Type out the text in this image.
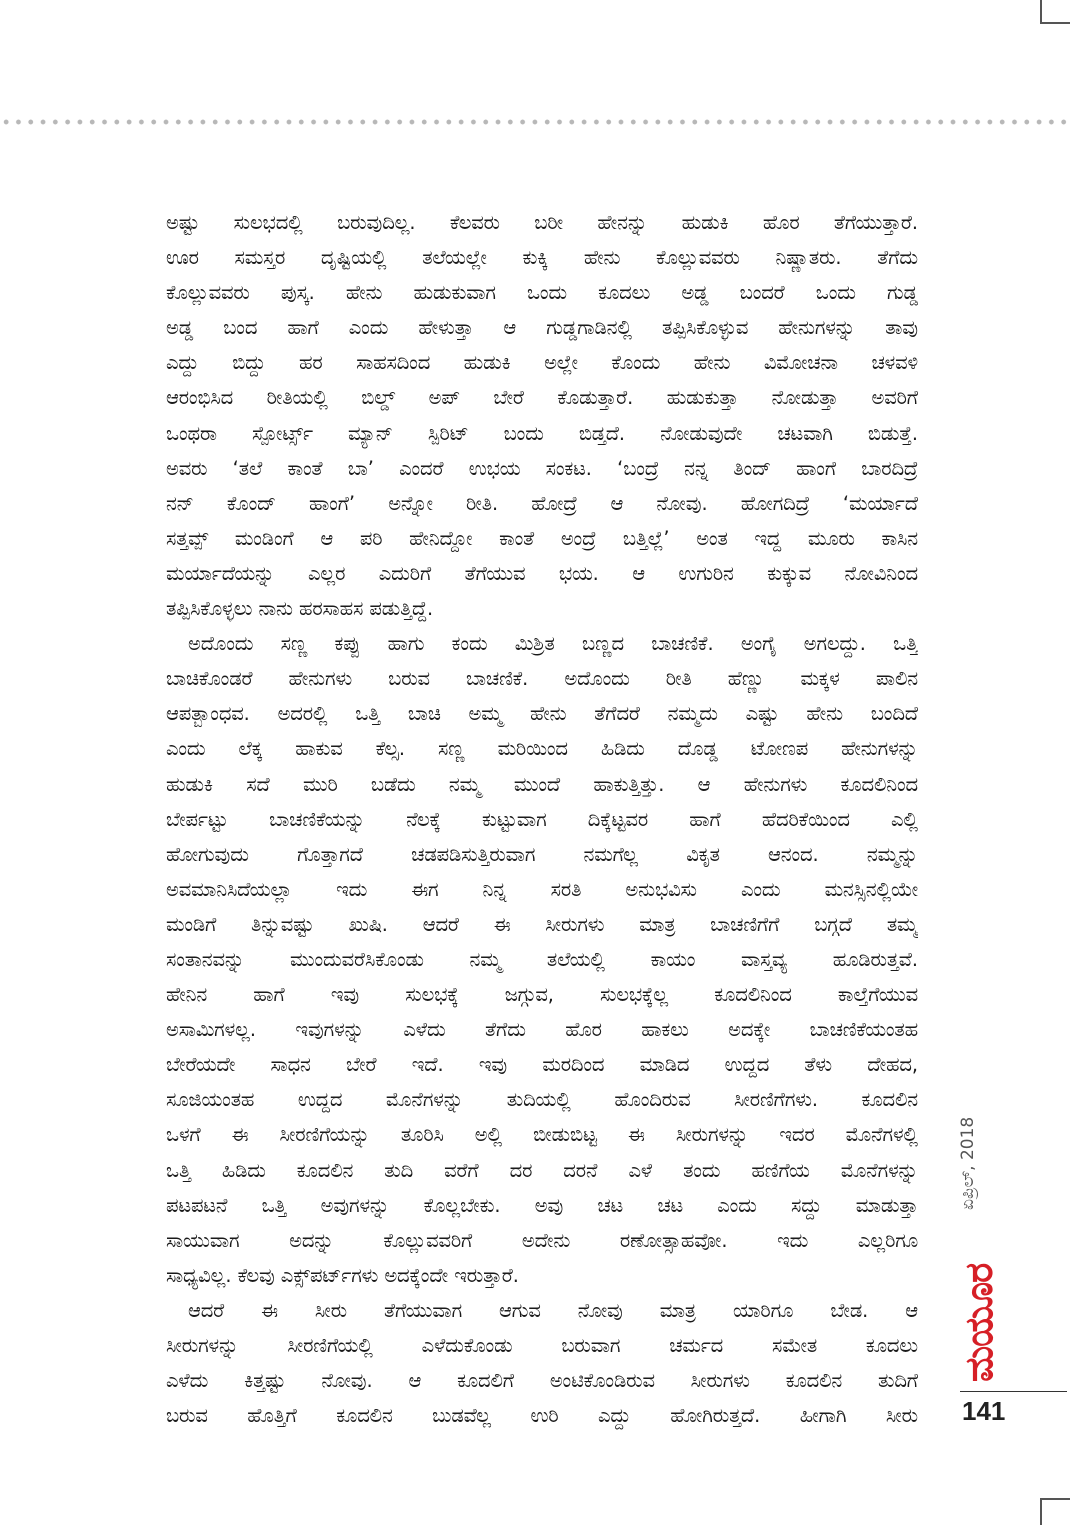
ಅಷ್ಟು ಸುಲಭದಲ್ಲಿ ಬರುವುದಿಲ್ಲ. ಕೆಲವರು ಬರೀ ಹೇನನ್ನು ಹುಡುಕಿ ಹೊರ ತೆಗೆಯುತ್ತಾರೆ.
ಊರ ಸಮಸ್ತರ ದೃಷ್ಟಿಯಲ್ಲಿ ತಲೆಯಲ್ಲೇ ಕುಕ್ಕಿ ಹೇನು ಕೊಲ್ಲುವವರು ನಿಷ್ಣಾತರು. ತೆಗೆದು
ಕೊಲ್ಲುವವರು ಪುಸ್ಕ. ಹೇನು ಹುಡುಕುವಾಗ ಒಂದು ಕೂದಲು ಅಡ್ಡ ಬಂದರೆ ಒಂದು ಗುಡ್ಡ
ಅಡ್ಡ ಬಂದ ಹಾಗೆ ಎಂದು ಹೇಳುತ್ತಾ ಆ ಗುಡ್ಡಗಾಡಿನಲ್ಲಿ ತಪ್ಪಿಸಿಕೊಳ್ಳುವ ಹೇನುಗಳನ್ನು ತಾವು
ಎದ್ದು ಬಿದ್ದು ಹರ ಸಾಹಸದಿಂದ ಹುಡುಕಿ ಅಲ್ಲೇ ಕೊಂದು ಹೇನು ವಿಮೋಚನಾ ಚಳವಳಿ
ಆರಂಭಿಸಿದ ರೀತಿಯಲ್ಲಿ ಬಿಲ್ಡ್ ಅಪ್ ಬೇರೆ ಕೊಡುತ್ತಾರೆ. ಹುಡುಕುತ್ತಾ ನೋಡುತ್ತಾ ಅವರಿಗೆ
ಒಂಥರಾ ಸ್ಪೋರ್ಟ್ಸ್ ಮ್ಯಾನ್ ಸ್ಪಿರಿಟ್ ಬಂದು ಬಿಡ್ತದೆ. ನೋಡುವುದೇ ಚಟವಾಗಿ ಬಿಡುತ್ತೆ.
ಅವರು ‘ತಲೆ ಕಾಂತೆ ಬಾ’ ಎಂದರೆ ಉಭಯ ಸಂಕಟ. ‘ಬಂದ್ರೆ ನನ್ನ ತಿಂದ್ ಹಾಂಗೆ ಬಾರದಿದ್ರೆ
ನನ್ ಕೊಂದ್ ಹಾಂಗೆ’ ಅನ್ನೋ ರೀತಿ. ಹೋದ್ರೆ ಆ ನೋವು. ಹೋಗದಿದ್ರೆ ‘ಮರ್ಯಾದೆ
ಸತ್ತವ್ಪ್ ಮಂಡಿಂಗೆ ಆ ಪರಿ ಹೇನಿದ್ದೋ ಕಾಂತೆ ಅಂದ್ರೆ ಬತ್ತಿಲ್ಲೆ’ ಅಂತ ಇದ್ದ ಮೂರು ಕಾಸಿನ
ಮರ್ಯಾದೆಯನ್ನು ಎಲ್ಲರ ಎದುರಿಗೆ ತೆಗೆಯುವ ಭಯ. ಆ ಉಗುರಿನ ಕುಕ್ಕುವ ನೋವಿನಿಂದ
ತಪ್ಪಿಸಿಕೊಳ್ಳಲು ನಾನು ಹರಸಾಹಸ ಪಡುತ್ತಿದ್ದೆ.
ಅದೊಂದು ಸಣ್ಣ ಕಪ್ಪು ಹಾಗು ಕಂದು ಮಿಶ್ರಿತ ಬಣ್ಣದ ಬಾಚಣಿಕೆ. ಅಂಗೈ ಅಗಲದ್ದು. ಒತ್ತಿ
ಬಾಚಿಕೊಂಡರೆ ಹೇನುಗಳು ಬರುವ ಬಾಚಣಿಕೆ. ಅದೊಂದು ರೀತಿ ಹೆಣ್ಣು ಮಕ್ಕಳ ಪಾಲಿನ
ಆಪತ್ಬಾಂಧವ. ಅದರಲ್ಲಿ ಒತ್ತಿ ಬಾಚಿ ಅಮ್ಮ ಹೇನು ತೆಗೆದರೆ ನಮ್ಮದು ಎಷ್ಟು ಹೇನು ಬಂದಿದೆ
ಎಂದು ಲೆಕ್ಕ ಹಾಕುವ ಕೆಲ್ಸ. ಸಣ್ಣ ಮರಿಯಿಂದ ಹಿಡಿದು ದೊಡ್ಡ ಟೋಣಪ ಹೇನುಗಳನ್ನು
ಹುಡುಕಿ ಸದೆ ಮುರಿ ಬಡೆದು ನಮ್ಮ ಮುಂದೆ ಹಾಕುತ್ತಿತ್ತು. ಆ ಹೇನುಗಳು ಕೂದಲಿನಿಂದ
ಬೇರ್ಪಟ್ಟು ಬಾಚಣಿಕೆಯನ್ನು ನೆಲಕ್ಕೆ ಕುಟ್ಟುವಾಗ ದಿಕ್ಕೆಟ್ಟವರ ಹಾಗೆ ಹೆದರಿಕೆಯಿಂದ ಎಲ್ಲಿ
ಹೋಗುವುದು ಗೊತ್ತಾಗದೆ ಚಡಪಡಿಸುತ್ತಿರುವಾಗ ನಮಗೆಲ್ಲ ವಿಕೃತ ಆನಂದ. ನಮ್ಮನ್ನು
ಅವಮಾನಿಸಿದೆಯಲ್ಲಾ ಇದು ಈಗ ನಿನ್ನ ಸರತಿ ಅನುಭವಿಸು ಎಂದು ಮನಸ್ಸಿನಲ್ಲಿಯೇ
ಮಂಡಿಗೆ ತಿನ್ನುವಷ್ಟು ಖುಷಿ. ಆದರೆ ಈ ಸೀರುಗಳು ಮಾತ್ರ ಬಾಚಣಿಗೆಗೆ ಬಗ್ಗದೆ ತಮ್ಮ
ಸಂತಾನವನ್ನು ಮುಂದುವರೆಸಿಕೊಂಡು ನಮ್ಮ ತಲೆಯಲ್ಲಿ ಕಾಯಂ ವಾಸ್ತವ್ಯ ಹೂಡಿರುತ್ತವೆ.
ಹೇನಿನ ಹಾಗೆ ಇವು ಸುಲಭಕ್ಕೆ ಜಗ್ಗುವ, ಸುಲಭಕ್ಕೆಲ್ಲ ಕೂದಲಿನಿಂದ ಕಾಲ್ತೆಗೆಯುವ
ಅಸಾಮಿಗಳಲ್ಲ. ಇವುಗಳನ್ನು ಎಳೆದು ತೆಗೆದು ಹೊರ ಹಾಕಲು ಅದಕ್ಕೇ ಬಾಚಣಿಕೆಯಂತಹ
ಬೇರೆಯದೇ ಸಾಧನ ಬೇರೆ ಇದೆ. ಇವು ಮರದಿಂದ ಮಾಡಿದ ಉದ್ದದ ತೆಳು ದೇಹದ,
ಸೂಜಿಯಂತಹ ಉದ್ದದ ಮೊನೆಗಳನ್ನು ತುದಿಯಲ್ಲಿ ಹೊಂದಿರುವ ಸೀರಣಿಗೆಗಳು. ಕೂದಲಿನ
ಒಳಗೆ ಈ ಸೀರಣಿಗೆಯನ್ನು ತೂರಿಸಿ ಅಲ್ಲಿ ಬೀಡುಬಿಟ್ಟ ಈ ಸೀರುಗಳನ್ನು ಇದರ ಮೊನೆಗಳಲ್ಲಿ
ಒತ್ತಿ ಹಿಡಿದು ಕೂದಲಿನ ತುದಿ ವರೆಗೆ ದರ ದರನೆ ಎಳೆ ತಂದು ಹಣಿಗೆಯ ಮೊನೆಗಳನ್ನು
ಪಟಪಟನೆ ಒತ್ತಿ ಅವುಗಳನ್ನು ಕೊಲ್ಲಬೇಕು. ಅವು ಚಟ ಚಟ ಎಂದು ಸದ್ದು ಮಾಡುತ್ತಾ
ಸಾಯುವಾಗ ಅದನ್ನು ಕೊಲ್ಲುವವರಿಗೆ ಅದೇನು ರಣೋತ್ಸಾಹವೋ. ಇದು ಎಲ್ಲರಿಗೂ
ಸಾಧ್ಯವಿಲ್ಲ. ಕೆಲವು ಎಕ್ಸ್‌ಪರ್ಟ್‌ಗಳು ಅದಕ್ಕೆಂದೇ ಇರುತ್ತಾರೆ.
ಆದರೆ ಈ ಸೀರು ತೆಗೆಯುವಾಗ ಆಗುವ ನೋವು ಮಾತ್ರ ಯಾರಿಗೂ ಬೇಡ. ಆ
ಸೀರುಗಳನ್ನು ಸೀರಣಿಗೆಯಲ್ಲಿ ಎಳೆದುಕೊಂಡು ಬರುವಾಗ ಚರ್ಮದ ಸಮೇತ ಕೂದಲು
ಎಳೆದು ಕಿತ್ತಷ್ಟು ನೋವು. ಆ ಕೂದಲಿಗೆ ಅಂಟಿಕೊಂಡಿರುವ ಸೀರುಗಳು ಕೂದಲಿನ ತುದಿಗೆ
ಬರುವ ಹೊತ್ತಿಗೆ ಕೂದಲಿನ ಬುಡವೆಲ್ಲ ಉರಿ ಎದ್ದು ಹೋಗಿರುತ್ತದೆ. ಹೀಗಾಗಿ ಸೀರು
ಏಪ್ರಿಲ್, 2018
ಮಯೂರ
141
